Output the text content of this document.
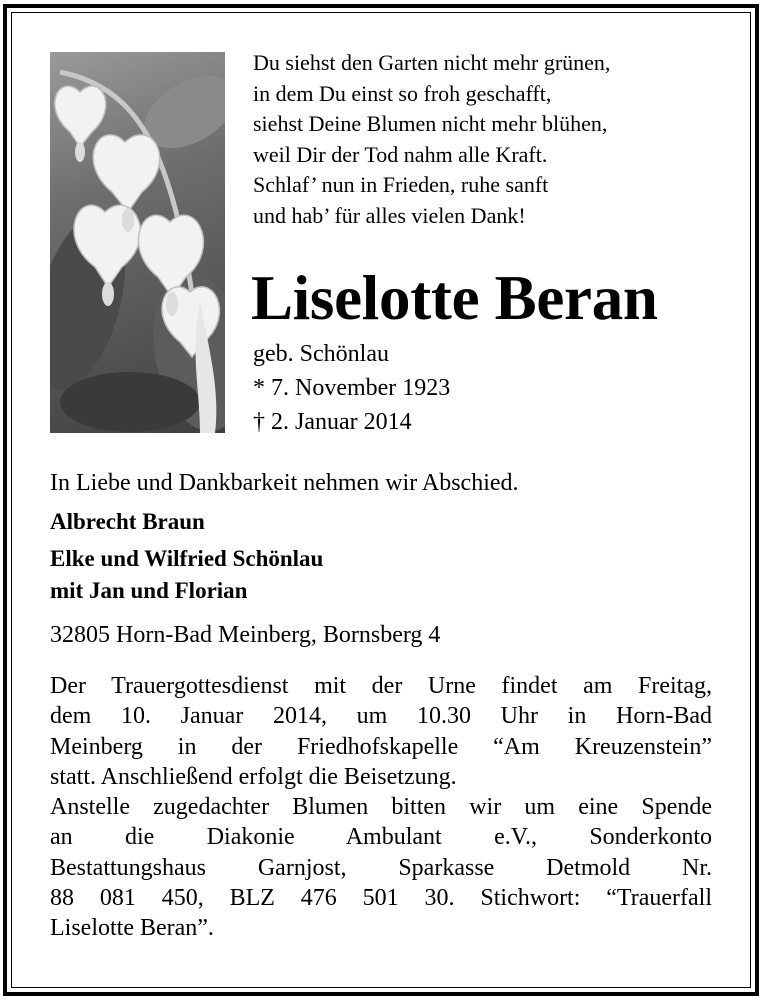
Du siehst den Garten nicht mehr grünen,
in dem Du einst so froh geschafft,
siehst Deine Blumen nicht mehr blühen,
weil Dir der Tod nahm alle Kraft.
Schlaf’ nun in Frieden, ruhe sanft
und hab’ für alles vielen Dank!
Liselotte Beran
geb. Schönlau
* 7. November 1923
† 2. Januar 2014
In Liebe und Dankbarkeit nehmen wir Abschied.
Albrecht Braun
Elke und Wilfried Schönlau
mit Jan und Florian
32805 Horn-Bad Meinberg, Bornsberg 4
Der Trauergottesdienst mit der Urne findet am Freitag,
dem 10. Januar 2014, um 10.30 Uhr in Horn-Bad
Meinberg in der Friedhofskapelle “Am Kreuzenstein”
statt. Anschließend erfolgt die Beisetzung.
Anstelle zugedachter Blumen bitten wir um eine Spende
an die Diakonie Ambulant e.V., Sonderkonto
Bestattungshaus Garnjost, Sparkasse Detmold Nr.
88 081 450, BLZ 476 501 30. Stichwort: “Trauerfall
Liselotte Beran”.
